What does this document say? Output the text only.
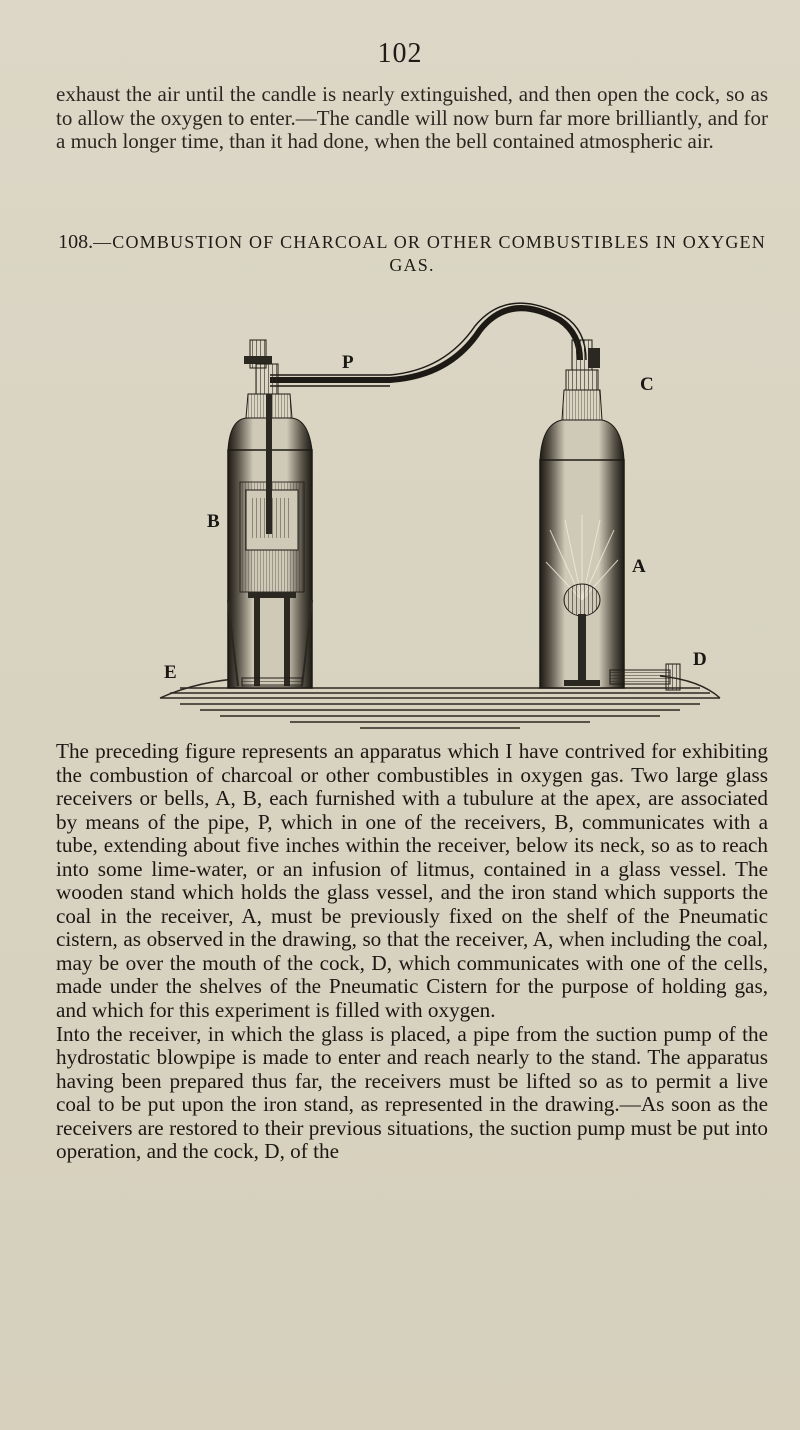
102

exhaust the air until the candle is nearly extinguished, and then open the cock, so as to allow the oxygen to enter.—The candle will now burn far more brilliantly, and for a much longer time, than it had done, when the bell contained atmospheric air.

108.—COMBUSTION OF CHARCOAL OR OTHER COMBUSTIBLES IN OXYGEN GAS.
P
C
B
A
D
E

The preceding figure represents an apparatus which I have contrived for exhibiting the combustion of charcoal or other combustibles in oxygen gas. Two large glass receivers or bells, A, B, each furnished with a tubulure at the apex, are associated by means of the pipe, P, which in one of the receivers, B, communicates with a tube, extending about five inches within the receiver, below its neck, so as to reach into some lime-water, or an infusion of litmus, contained in a glass vessel. The wooden stand which holds the glass vessel, and the iron stand which supports the coal in the receiver, A, must be previously fixed on the shelf of the Pneumatic cistern, as observed in the drawing, so that the receiver, A, when including the coal, may be over the mouth of the cock, D, which communicates with one of the cells, made under the shelves of the Pneumatic Cistern for the purpose of holding gas, and which for this experiment is filled with oxygen.

Into the receiver, in which the glass is placed, a pipe from the suction pump of the hydrostatic blowpipe is made to enter and reach nearly to the stand. The apparatus having been prepared thus far, the receivers must be lifted so as to permit a live coal to be put upon the iron stand, as represented in the drawing.—As soon as the receivers are restored to their previous situations, the suction pump must be put into operation, and the cock, D, of the
